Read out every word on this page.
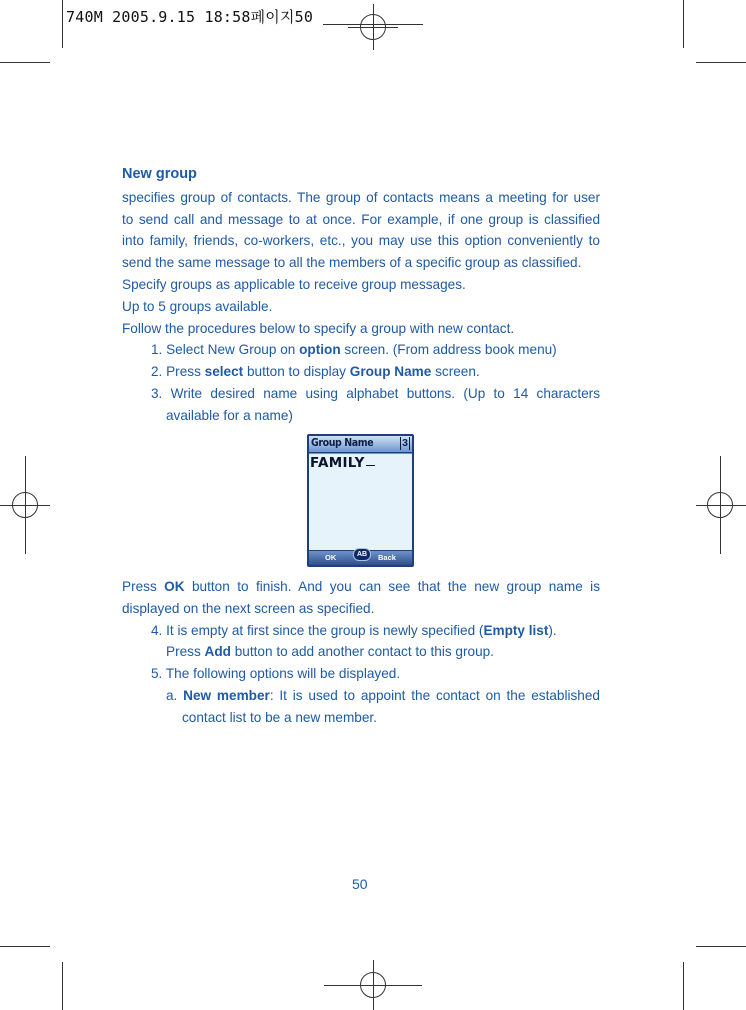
740M 2005.9.15 18:58페이지50
New group
specifies group of contacts. The group of contacts means a meeting for user
to send call and message to at once. For example, if one group is classified
into family, friends, co-workers, etc., you may use this option conveniently to
send the same message to all the members of a specific group as classified.
Specify groups as applicable to receive group messages.
Up to 5 groups available.
Follow the procedures below to specify a group with new contact.
1. Select New Group on option screen. (From address book menu)
2. Press select button to display Group Name screen.
3. Write desired name using alphabet buttons. (Up to 14 characters
available for a name)
Group Name	3
FAMILY
OK	AB	Back
Press OK button to finish. And you can see that the new group name is
displayed on the next screen as specified.
4. It is empty at first since the group is newly specified (Empty list).
Press Add button to add another contact to this group.
5. The following options will be displayed.
a. New member: It is used to appoint the contact on the established
contact list to be a new member.
50
